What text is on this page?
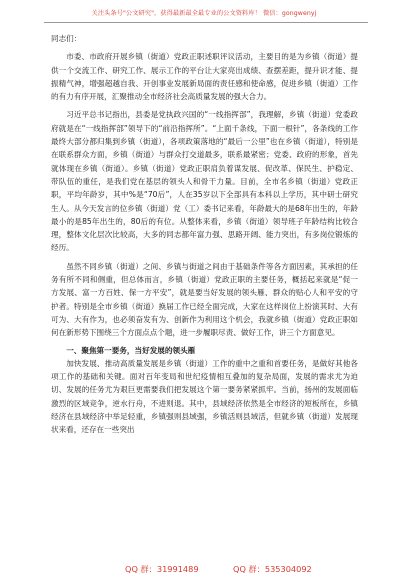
关注头条号"公文研究"，获得最新最全最专业的公文资料库！ 微信：gongwenyj

同志们：

市委、市政府开展乡镇（街道）党政正职述职评议活动，主要目的是为乡镇（街道）提供一个交流工作、研究工作、展示工作的平台让大家亮出成绩、查摆差距，提升识才能、提振精气神，增强超越自我、开创事业发展新局面的责任感和使命感，促进乡镇（街道）工作的有力有序开展，汇聚推动全市经济社会高质量发展的强大合力。

习近平总书记指出，县委是党执政兴国的“一线指挥部”，我理解，乡镇（街道）党委政府就是在“一线指挥部”领导下的“前沿指挥所”。“上面千条线，下面一根针”，各条线的工作最终大部分都归集到乡镇（街道），各项政策落地的“最后一公里”也在乡镇（街道），特别是在联系群众方面，乡镇（街道）与群众打交道最多，联系最紧密；党委、政府的形象，首先就体现在乡镇（街道）。乡镇（街道）党政正职肩负着谋发展、促改革、保民生、护稳定、带队伍的重任，是我们党在基层的领头人和骨干力量。目前，全市名乡镇（街道）党政正职，平均年龄岁，其中%是“70后”，人在35岁以下全部具有本科以上学历，其中研士研究生人。从今天发言的位乡镇（街道）党（工）委书记来看，年龄最大的是68年出生的，年龄最小的是85年出生的，80后的有位。从整体来看，乡镇（街道）领导班子年龄结构比较合理，整体文化层次比较高，大多的同志都年富力强、思路开阔、能力突出，有多岗位锻炼的经历。

虽然不同乡镇（街道）之间、乡镇与街道之间由于基础条件等各方面因素，其承担的任务有所不同和侧重，但总体而言，乡镇（街道）党政正职的主要任务，概括起来就是“促一方发展、富一方百姓、保一方平安”，就是要当好发展的领头雁、群众的贴心人和平安的守护者。特别是全市乡镇（街道）换届工作已经全面完成，大家在这样岗位上扮演其时、大有可为、大有作为，也必须奋发有为、创新作为利用这个机会，我就乡镇（街道）党政正职如何在新形势下围绕三个方面点点个题，进一步履职尽责、做好工作，讲三个方面意见。

一、聚焦第一要务，当好发展的领头雁

加快发展、推动高质量发展是乡镇（街道）工作的重中之重和首要任务，是做好其他各项工作的基础和关键。面对百年变局和世纪疫情相互叠加的复杂局面，发展的需求尤为迫切、发展的任务尤为艰巨更需要我们把发展这个第一要务紧紧抓牢。当前，扬州的发展面临激烈的区域竞争，逆水行舟，不进则退。其中，县域经济依然是全市经济的短板所在，乡镇经济在县域经济中举足轻重，乡镇强则县域强，乡镇活则县域活，但就乡镇（街道）发展现状来看，还存在一些突出

QQ 群：31991489	QQ 群：535304092
